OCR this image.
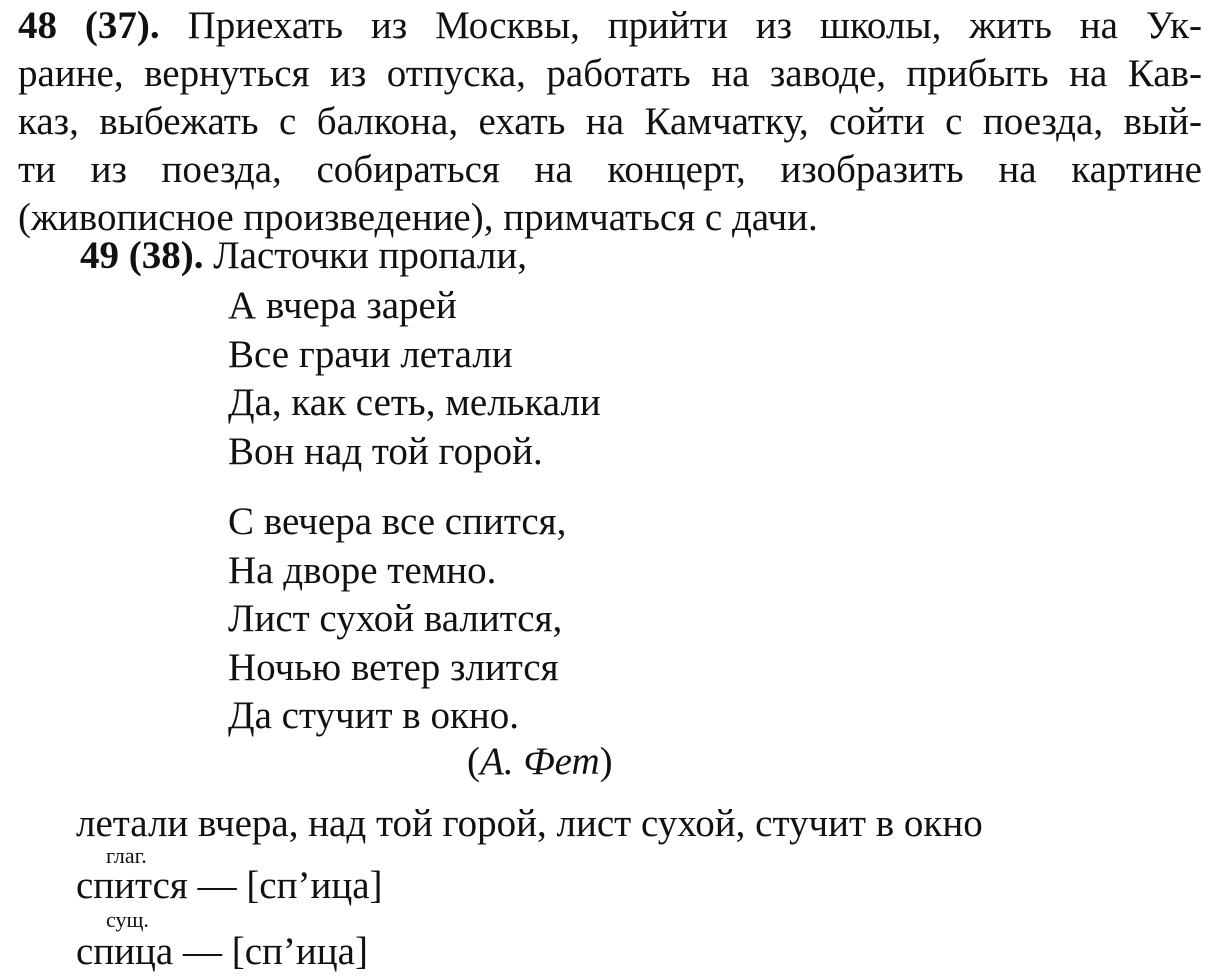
48 (37). Приехать из Москвы, прийти из школы, жить на Ук-
раине, вернуться из отпуска, работать на заводе, прибыть на Кав-
каз, выбежать с балкона, ехать на Камчатку, сойти с поезда, вый-
ти из поезда, собираться на концерт, изобразить на картине
(живописное произведение), примчаться с дачи.
49 (38). Ласточки пропали,
А вчера зарей
Все грачи летали
Да, как сеть, мелькали
Вон над той горой.
С вечера все спится,
На дворе темно.
Лист сухой валится,
Ночью ветер злится
Да стучит в окно.
(А. Фет)
летали вчера, над той горой, лист сухой, стучит в окно
глаг.
спится — [сп’ица]
сущ.
спица — [сп’ица]
